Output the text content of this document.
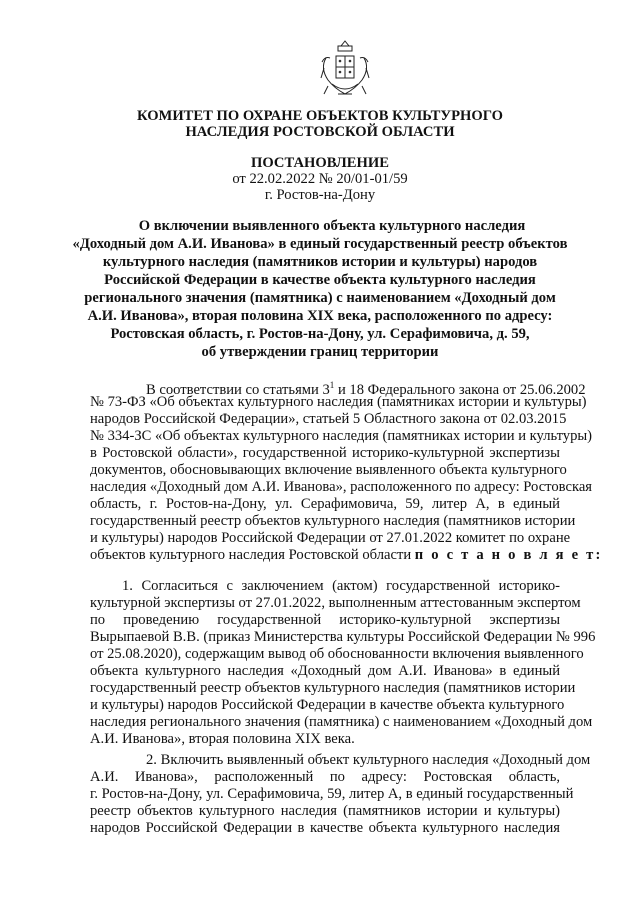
КОМИТЕТ ПО ОХРАНЕ ОБЪЕКТОВ КУЛЬТУРНОГО
НАСЛЕДИЯ РОСТОВСКОЙ ОБЛАСТИ
ПОСТАНОВЛЕНИЕ
от 22.02.2022 № 20/01-01/59
г. Ростов-на-Дону
О включении выявленного объекта культурного наследия
«Доходный дом А.И. Иванова» в единый государственный реестр объектов
культурного наследия (памятников истории и культуры) народов
Российской Федерации в качестве объекта культурного наследия
регионального значения (памятника) с наименованием «Доходный дом
А.И. Иванова», вторая половина XIX века, расположенного по адресу:
Ростовская область, г. Ростов-на-Дону, ул. Серафимовича, д. 59,
об утверждении границ территории
В соответствии со статьями $3^1$ и 18 Федерального закона от 25.06.2002
№ 73-ФЗ «Об объектах культурного наследия (памятниках истории и культуры)
народов Российской Федерации», статьей 5 Областного закона от 02.03.2015
№ 334-ЗС «Об объектах культурного наследия (памятниках истории и культуры)
в Ростовской области», государственной историко-культурной экспертизы
документов, обосновывающих включение выявленного объекта культурного
наследия «Доходный дом А.И. Иванова», расположенного по адресу: Ростовская
область, г. Ростов-на-Дону, ул. Серафимовича, 59, литер А, в единый
государственный реестр объектов культурного наследия (памятников истории
и культуры) народов Российской Федерации от 27.01.2022 комитет по охране
объектов культурного наследия Ростовской области п о с т а н о в л я е т:
1. Согласиться с заключением (актом) государственной историко-
культурной экспертизы от 27.01.2022, выполненным аттестованным экспертом
по проведению государственной историко-культурной экспертизы
Вырыпаевой В.В. (приказ Министерства культуры Российской Федерации № 996
от 25.08.2020), содержащим вывод об обоснованности включения выявленного
объекта культурного наследия «Доходный дом А.И. Иванова» в единый
государственный реестр объектов культурного наследия (памятников истории
и культуры) народов Российской Федерации в качестве объекта культурного
наследия регионального значения (памятника) с наименованием «Доходный дом
А.И. Иванова», вторая половина XIX века.
2. Включить выявленный объект культурного наследия «Доходный дом
А.И. Иванова», расположенный по адресу: Ростовская область,
г. Ростов-на-Дону, ул. Серафимовича, 59, литер А, в единый государственный
реестр объектов культурного наследия (памятников истории и культуры)
народов Российской Федерации в качестве объекта культурного наследия
